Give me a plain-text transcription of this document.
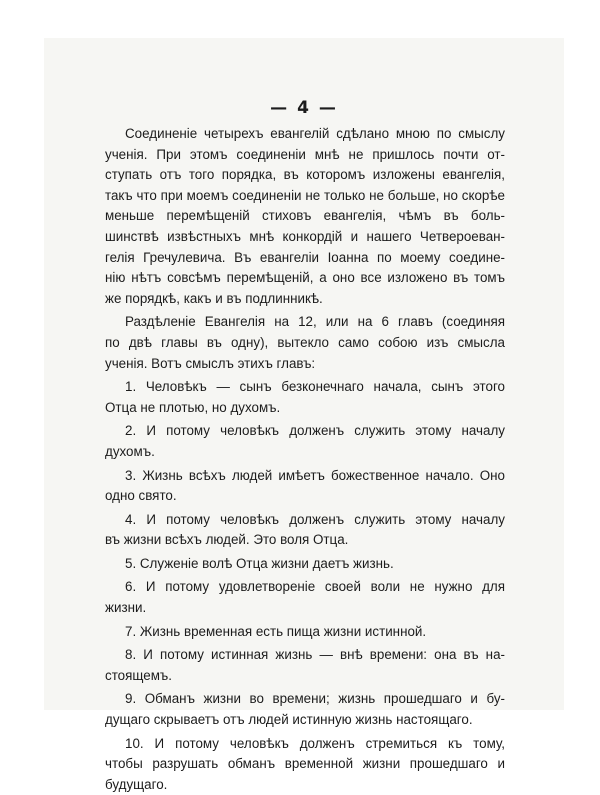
— 4 —
Соединеніе четырехъ евангелій сдѣлано мною по смыслу
ученія. При этомъ соединеніи мнѣ не пришлось почти от-
ступать отъ того порядка, въ которомъ изложены евангелія,
такъ что при моемъ соединеніи не только не больше, но скорѣе
меньше перемѣщеній стиховъ евангелія, чѣмъ въ боль-
шинствѣ извѣстныхъ мнѣ конкордій и нашего Четвероеван-
гелія Гречулевича. Въ евангеліи Іоанна по моему соедине-
нію нѣтъ совсѣмъ перемѣщеній, а оно все изложено въ томъ
же порядкѣ, какъ и въ подлинникѣ.
Раздѣленіе Евангелія на 12, или на 6 главъ (соединяя
по двѣ главы въ одну), вытекло само собою изъ смысла
ученія. Вотъ смыслъ этихъ главъ:
1. Человѣкъ — сынъ безконечнаго начала, сынъ этого
Отца не плотью, но духомъ.
2. И потому человѣкъ долженъ служить этому началу
духомъ.
3. Жизнь всѣхъ людей имѣетъ божественное начало. Оно
одно свято.
4. И потому человѣкъ долженъ служить этому началу
въ жизни всѣхъ людей. Это воля Отца.
5. Служеніе волѣ Отца жизни даетъ жизнь.
6. И потому удовлетвореніе своей воли не нужно для
жизни.
7. Жизнь временная есть пища жизни истинной.
8. И потому истинная жизнь — внѣ времени: она въ на-
стоящемъ.
9. Обманъ жизни во времени; жизнь прошедшаго и бу-
дущаго скрываетъ отъ людей истинную жизнь настоящаго.
10. И потому человѣкъ долженъ стремиться къ тому,
чтобы разрушать обманъ временной жизни прошедшаго и
будущаго.
